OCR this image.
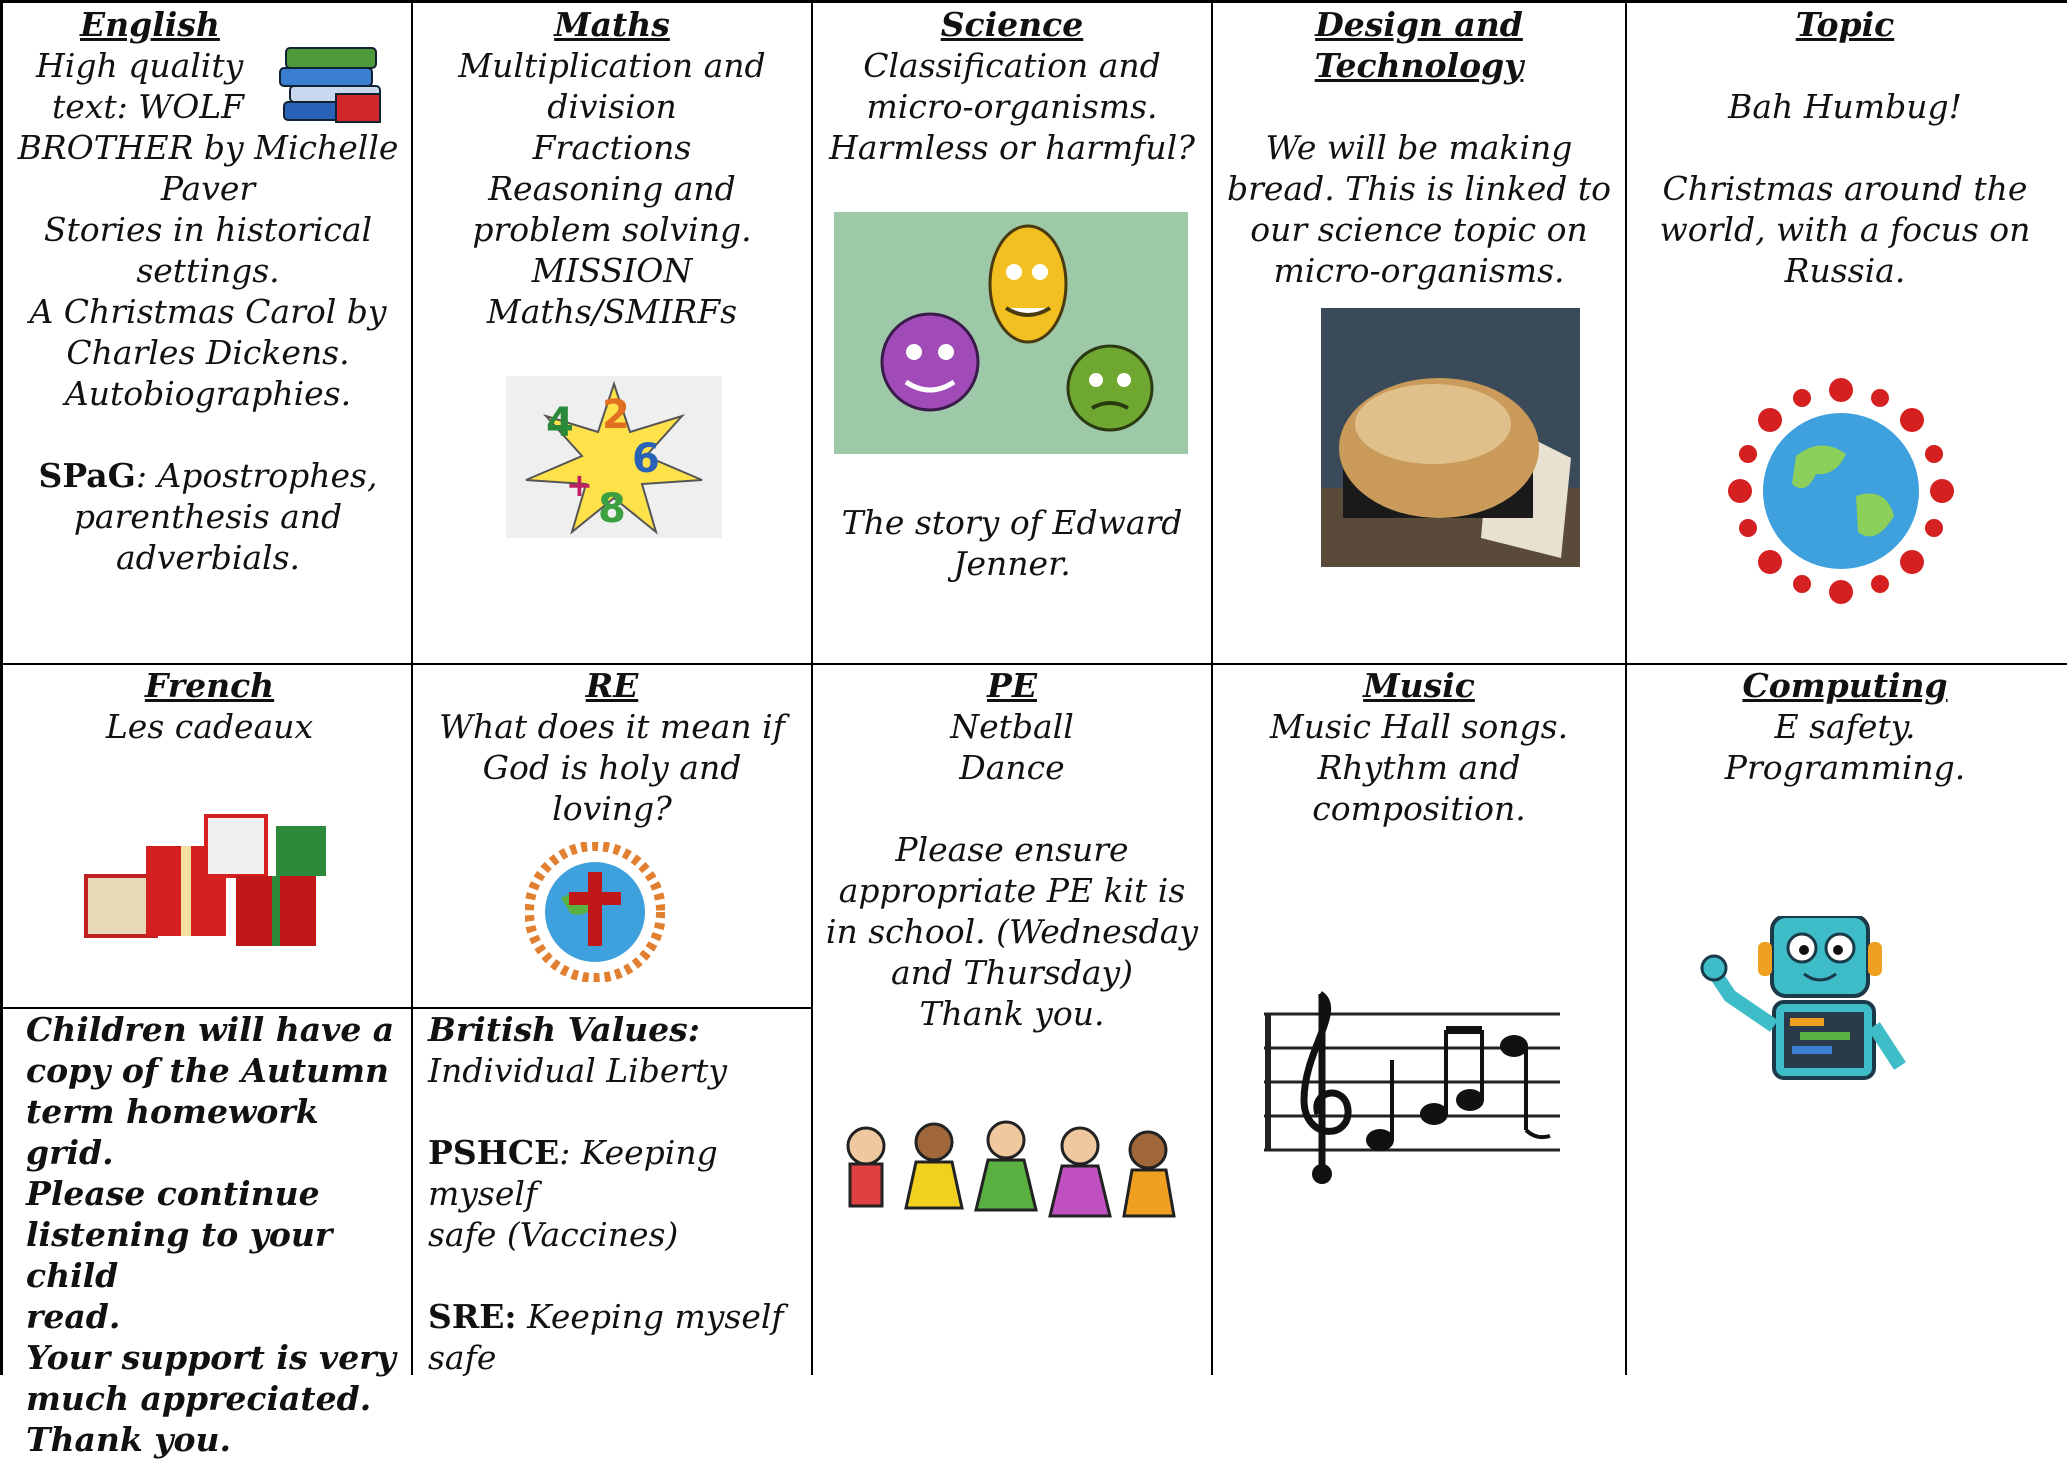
English
High quality
text: WOLF
BROTHER by Michelle
Paver
Stories in historical
settings.
A Christmas Carol by
Charles Dickens.
Autobiographies.
SPaG: Apostrophes,
parenthesis and
adverbials.
Maths
Multiplication and
division
Fractions
Reasoning and
problem solving.
MISSION
Maths/SMIRFs
4 2
6
8
+
Science
Classification and
micro-organisms.
Harmless or harmful?
The story of Edward
Jenner.
Design and Technology
We will be making
bread. This is linked to
our science topic on
micro-organisms.
Topic
Bah Humbug!
Christmas around the
world, with a focus on
Russia.
French
Les cadeaux
RE
What does it mean if
God is holy and
loving?
PE
Netball
Dance
Please ensure
appropriate PE kit is
in school. (Wednesday
and Thursday)
Thank you.
Music
Music Hall songs.
Rhythm and
composition.
Computing
E safety.
Programming.
Children will have a
copy of the Autumn
term homework grid.
Please continue
listening to your child
read.
Your support is very
much appreciated.
Thank you.
British Values:
Individual Liberty
PSHCE: Keeping myself
safe (Vaccines)
SRE: Keeping myself
safe
